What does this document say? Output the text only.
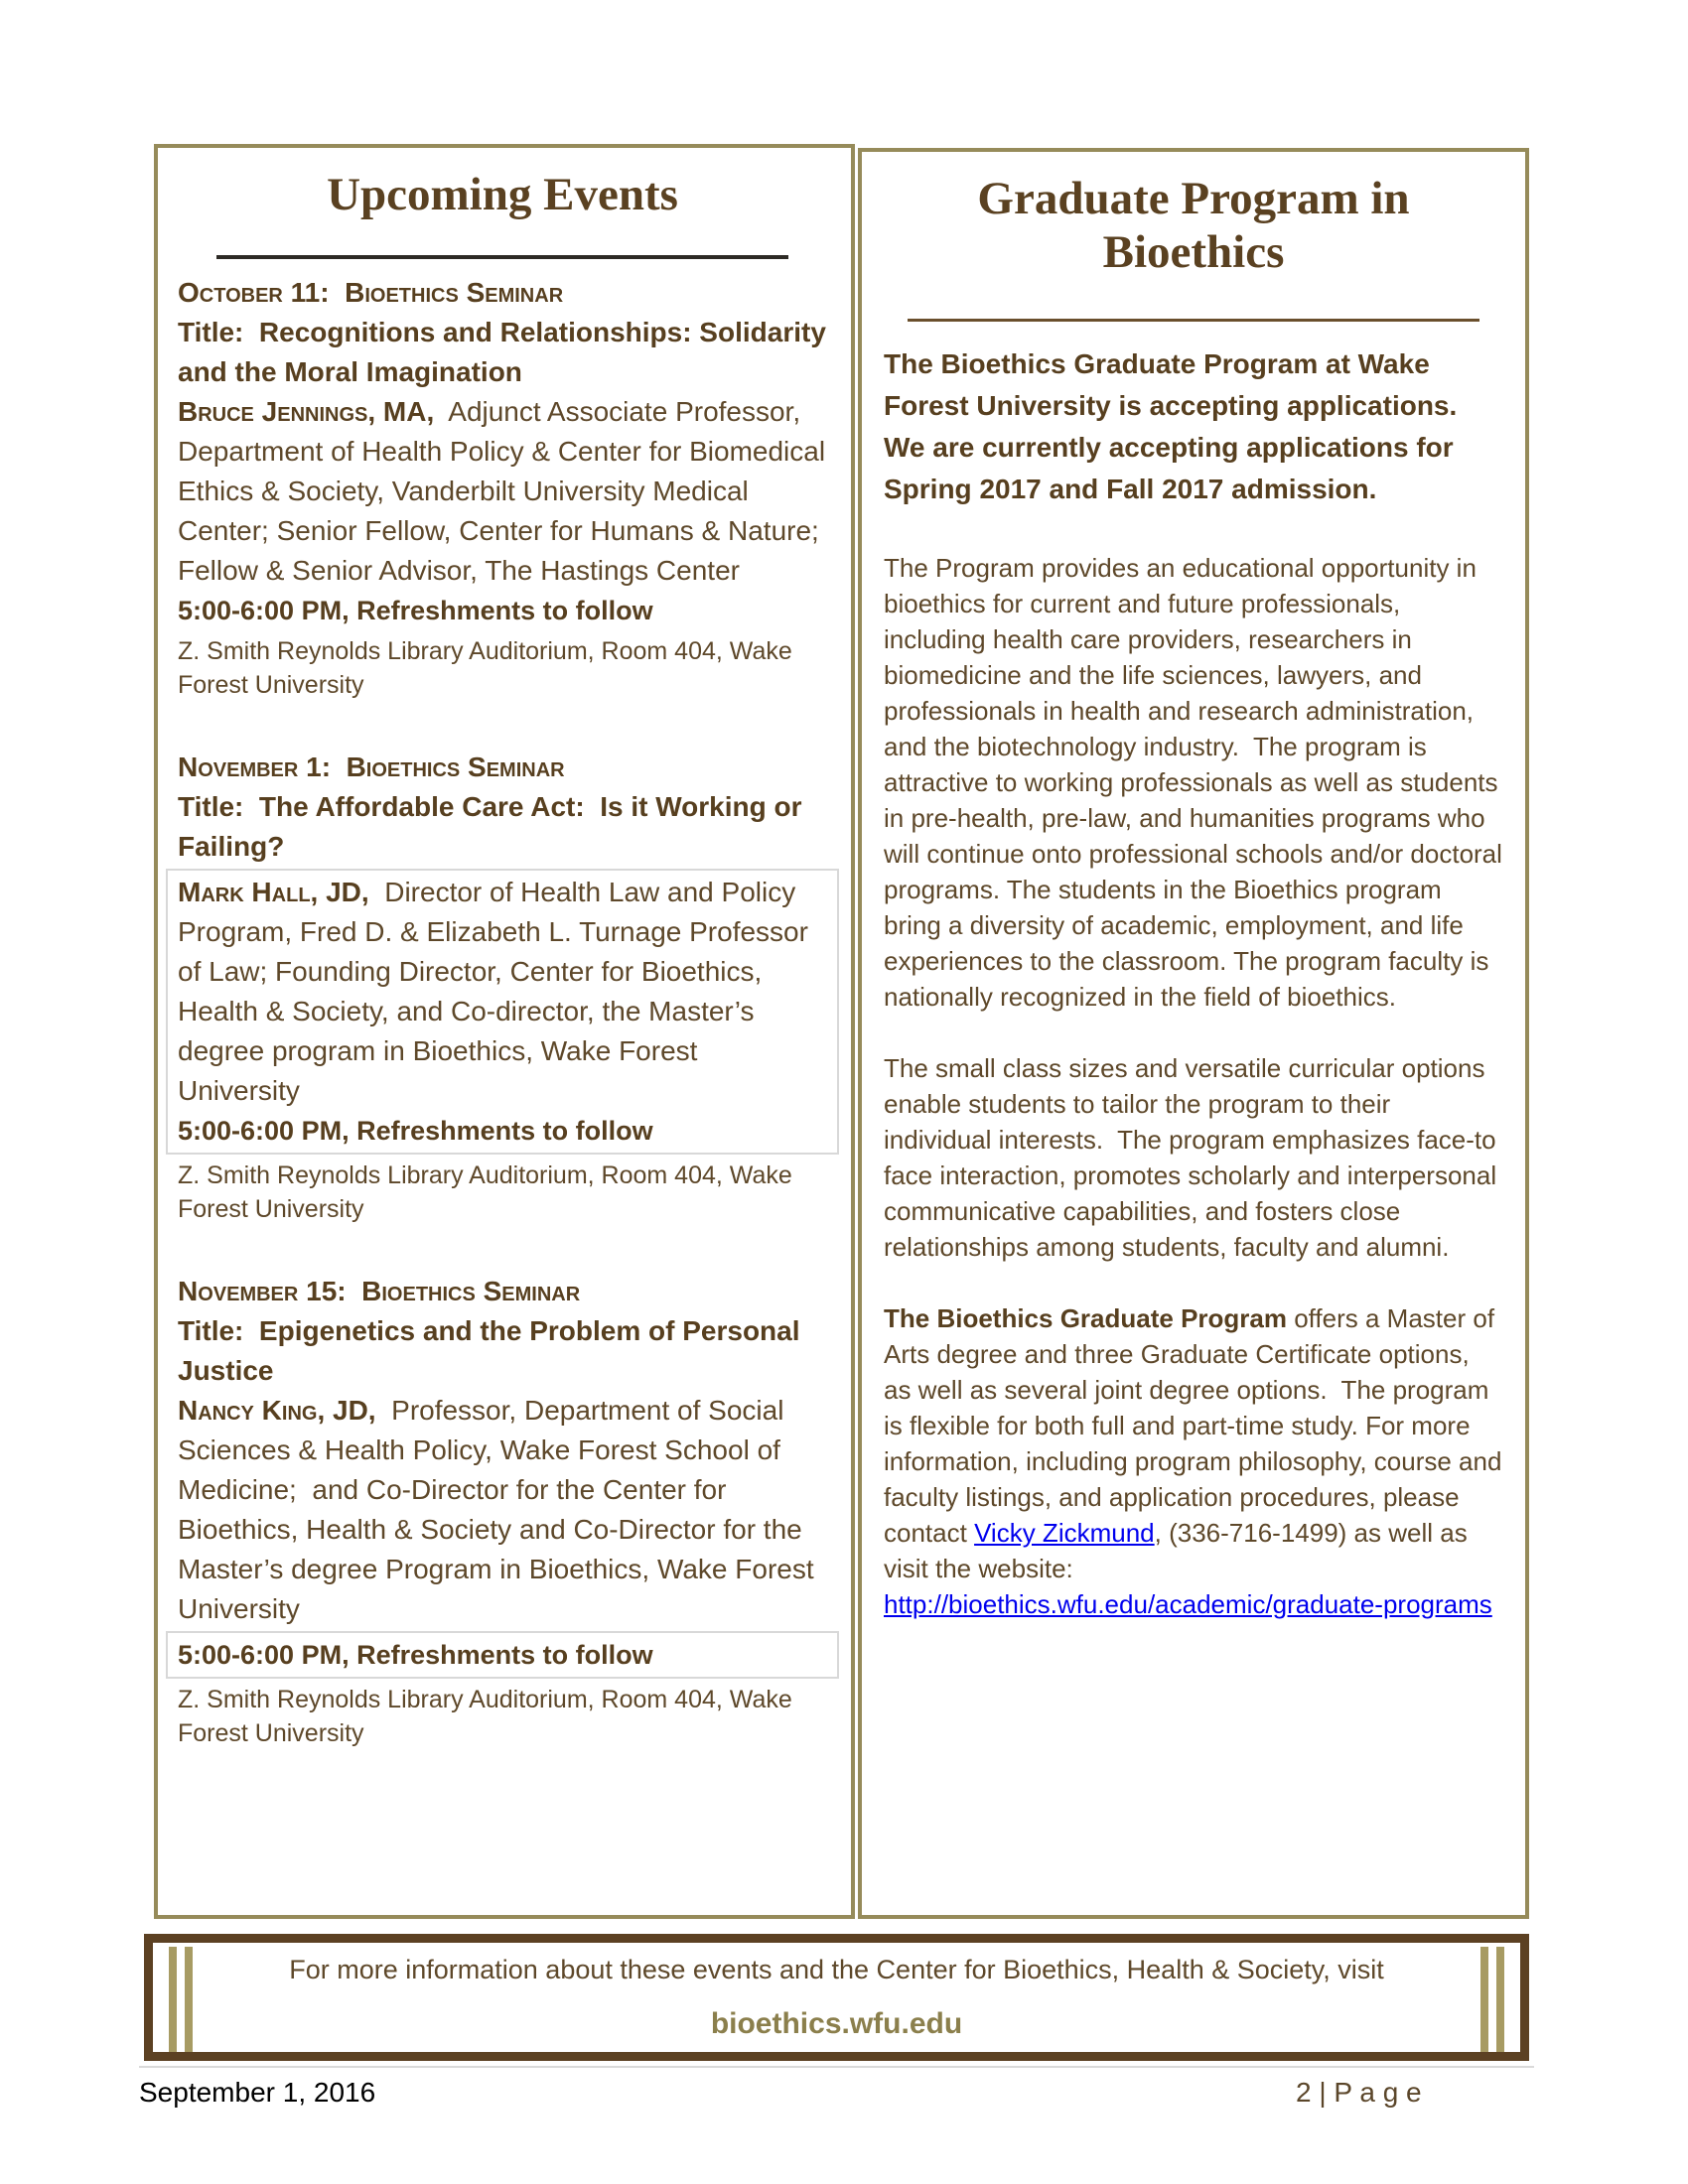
Upcoming Events
October 11:  Bioethics Seminar
Title:  Recognitions and Relationships: Solidarity and the Moral Imagination

Bruce Jennings, MA,  Adjunct Associate Professor, Department of Health Policy & Center for Biomedical Ethics & Society, Vanderbilt University Medical Center; Senior Fellow, Center for Humans & Nature; Fellow & Senior Advisor, The Hastings Center

5:00-6:00 PM, Refreshments to follow
Z. Smith Reynolds Library Auditorium, Room 404, Wake Forest University
November 1:  Bioethics Seminar
Title:  The Affordable Care Act:  Is it Working or Failing?

Mark Hall, JD,  Director of Health Law and Policy Program, Fred D. & Elizabeth L. Turnage Professor of Law; Founding Director, Center for Bioethics, Health & Society, and Co-director, the Master’s degree program in Bioethics, Wake Forest University

5:00-6:00 PM, Refreshments to follow
Z. Smith Reynolds Library Auditorium, Room 404, Wake Forest University
November 15:  Bioethics Seminar
Title:  Epigenetics and the Problem of Personal Justice

Nancy King, JD,  Professor, Department of Social Sciences & Health Policy, Wake Forest School of Medicine;  and Co-Director for the Center for Bioethics, Health & Society and Co-Director for the Master’s degree Program in Bioethics, Wake Forest University

5:00-6:00 PM, Refreshments to follow
Z. Smith Reynolds Library Auditorium, Room 404, Wake Forest University
Graduate Program in Bioethics

The Bioethics Graduate Program at Wake Forest University is accepting applications.   We are currently accepting applications for Spring 2017 and Fall 2017 admission.

The Program provides an educational opportunity in bioethics for current and future professionals, including health care providers, researchers in biomedicine and the life sciences, lawyers, and professionals in health and research administration, and the biotechnology industry.  The program is attractive to working professionals as well as students in pre-health, pre-law, and humanities programs who will continue onto professional schools and/or doctoral programs. The students in the Bioethics program bring a diversity of academic, employment, and life experiences to the classroom. The program faculty is nationally recognized in the field of bioethics.

The small class sizes and versatile curricular options enable students to tailor the program to their individual interests.  The program emphasizes face-to face interaction, promotes scholarly and interpersonal communicative capabilities, and fosters close relationships among students, faculty and alumni.

The Bioethics Graduate Program offers a Master of Arts degree and three Graduate Certificate options, as well as several joint degree options.  The program is flexible for both full and part-time study. For more information, including program philosophy, course and faculty listings, and application procedures, please contact Vicky Zickmund, (336-716-1499) as well as visit the website: http://bioethics.wfu.edu/academic/graduate-programs

For more information about these events and the Center for Bioethics, Health & Society, visit
bioethics.wfu.edu
September 1, 2016	2 | P a g e
